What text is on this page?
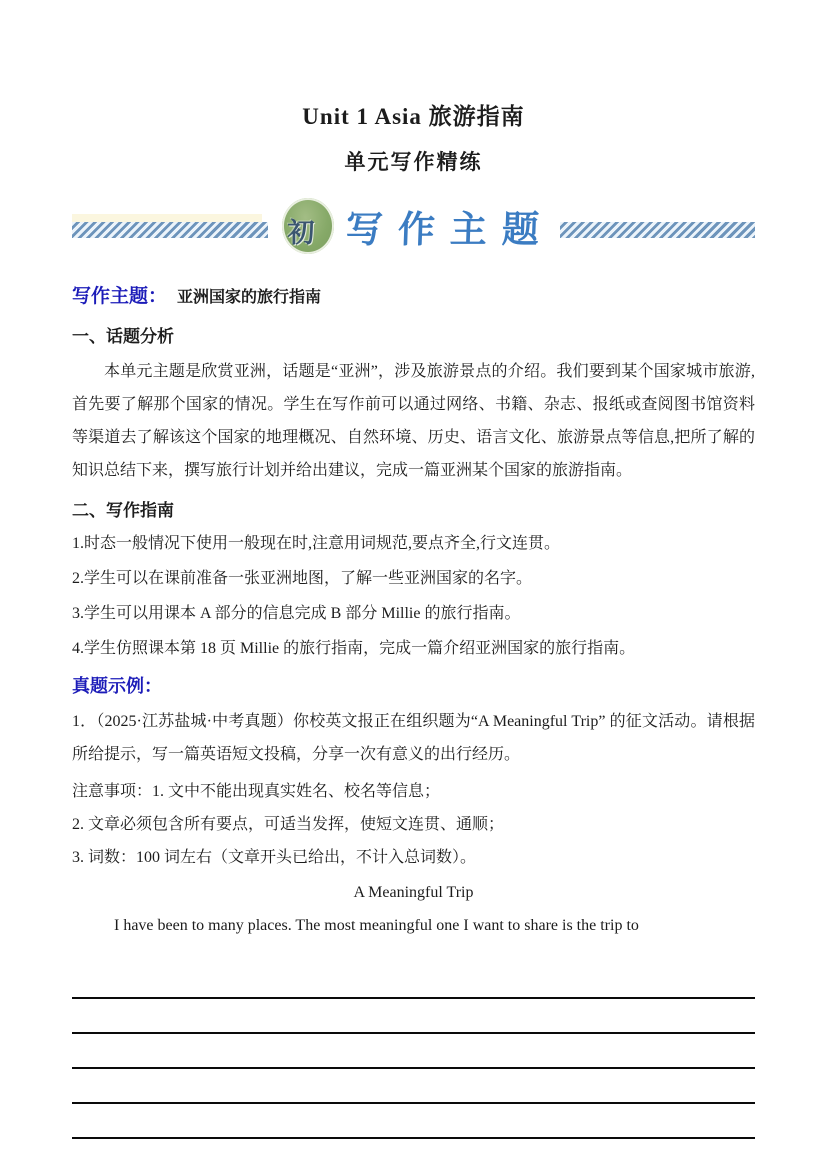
Unit 1 Asia 旅游指南
单元写作精练
初 写作主题
写作主题： 亚洲国家的旅行指南
一、话题分析
本单元主题是欣赏亚洲，话题是“亚洲”，涉及旅游景点的介绍。我们要到某个国家城市旅游,首先要了解那个国家的情况。学生在写作前可以通过网络、书籍、杂志、报纸或查阅图书馆资料等渠道去了解该这个国家的地理概况、自然环境、历史、语言文化、旅游景点等信息,把所了解的知识总结下来，撰写旅行计划并给出建议，完成一篇亚洲某个国家的旅游指南。
二、写作指南
1.时态一般情况下使用一般现在时,注意用词规范,要点齐全,行文连贯。
2.学生可以在课前准备一张亚洲地图，了解一些亚洲国家的名字。
3.学生可以用课本 A 部分的信息完成 B 部分 Millie 的旅行指南。
4.学生仿照课本第 18 页 Millie 的旅行指南，完成一篇介绍亚洲国家的旅行指南。
真题示例：
1．（2025·江苏盐城·中考真题）你校英文报正在组织题为“A Meaningful Trip” 的征文活动。请根据所给提示，写一篇英语短文投稿，分享一次有意义的出行经历。
注意事项：1. 文中不能出现真实姓名、校名等信息；
2. 文章必须包含所有要点，可适当发挥，使短文连贯、通顺；
3. 词数：100 词左右（文章开头已给出，不计入总词数）。
A Meaningful Trip
I have been to many places. The most meaningful one I want to share is the trip to
